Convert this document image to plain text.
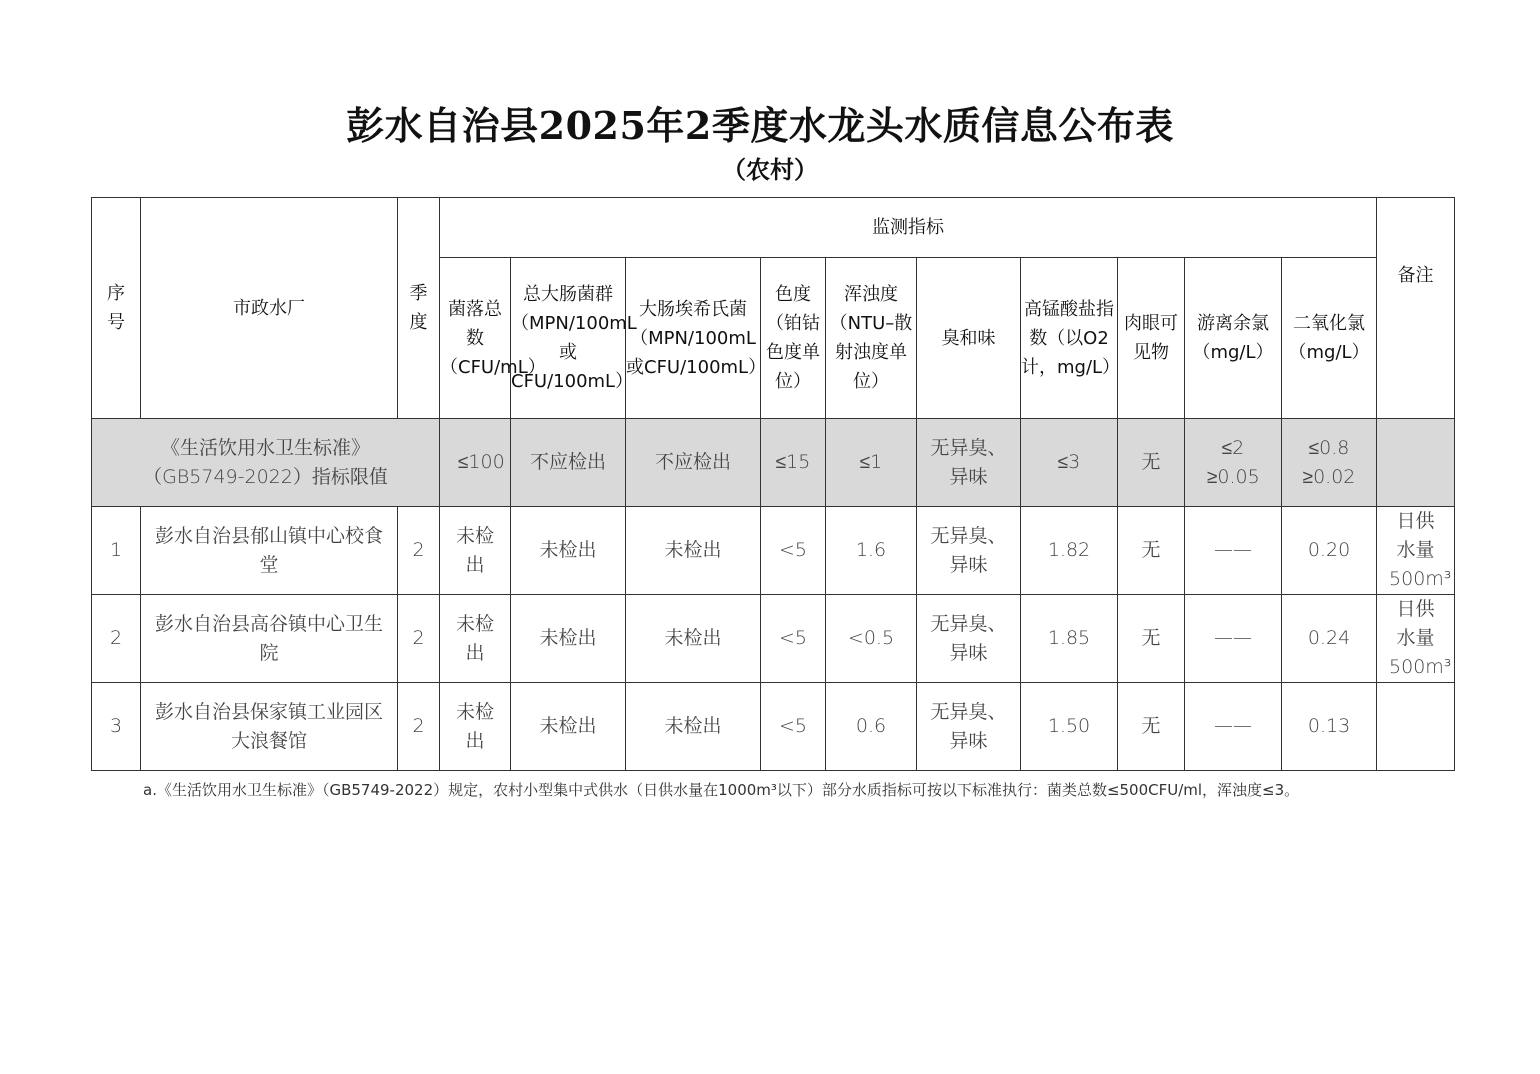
彭水自治县2025年2季度水龙头水质信息公布表
（农村）
序号	市政水厂	季度	监测指标										备注
			菌落总数（CFU/mL）	总大肠菌群（MPN/100mL或CFU/100mL）	大肠埃希氏菌（MPN/100mL或CFU/100mL）	色度（铂钴色度单位）	浑浊度（NTU–散射浊度单位）	臭和味	高锰酸盐指数（以O2计，mg/L）	肉眼可见物	游离余氯（mg/L）	二氧化氯（mg/L）	
《生活饮用水卫生标准》（GB5749-2022）指标限值			≤100	不应检出	不应检出	≤15	≤1	无异臭、异味	≤3	无	≤2 ≥0.05	≤0.8 ≥0.02	
1	彭水自治县郁山镇中心校食堂	2	未检出	未检出	未检出	<5	1.6	无异臭、异味	1.82	无	——	0.20	日供水量500m³
2	彭水自治县高谷镇中心卫生院	2	未检出	未检出	未检出	<5	<0.5	无异臭、异味	1.85	无	——	0.24	日供水量500m³
3	彭水自治县保家镇工业园区大浪餐馆	2	未检出	未检出	未检出	<5	0.6	无异臭、异味	1.50	无	——	0.13	
a.《生活饮用水卫生标准》（GB5749-2022）规定，农村小型集中式供水（日供水量在1000m³以下）部分水质指标可按以下标准执行：菌类总数≤500CFU/ml，浑浊度≤3。
